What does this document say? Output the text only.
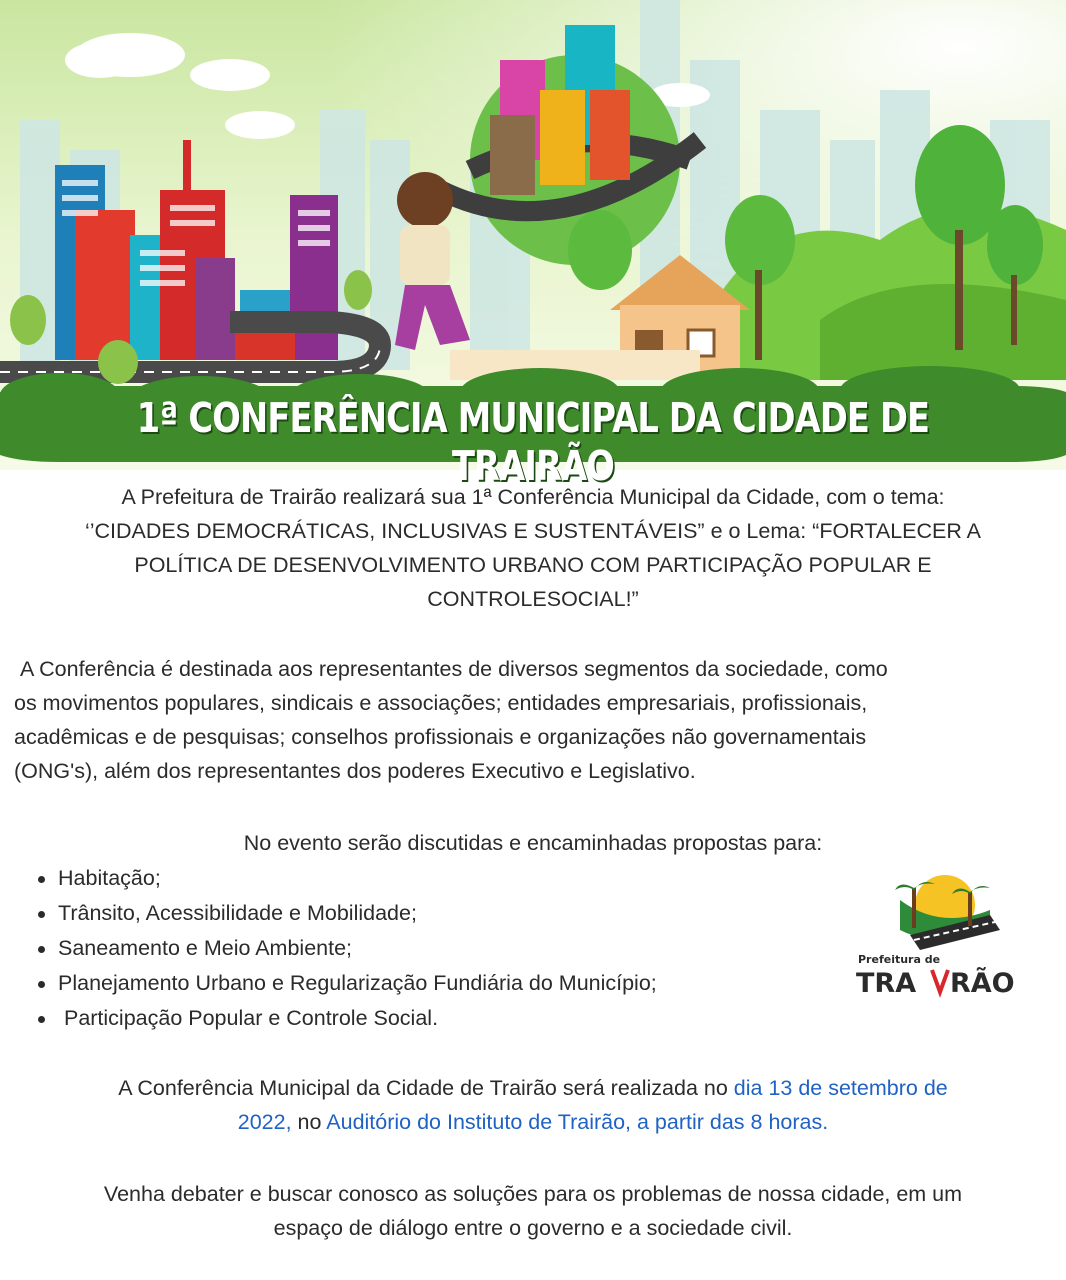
1ª CONFERÊNCIA MUNICIPAL DA CIDADE DE TRAIRÃO

A Prefeitura de Trairão realizará sua 1ª Conferência Municipal da Cidade, com o tema:

‘’CIDADES DEMOCRÁTICAS, INCLUSIVAS E SUSTENTÁVEIS” e o Lema: “FORTALECER A

POLÍTICA DE DESENVOLVIMENTO URBANO COM PARTICIPAÇÃO POPULAR E

CONTROLESOCIAL!”

A Conferência é destinada aos representantes de diversos segmentos da sociedade, como

os movimentos populares, sindicais e associações; entidades empresariais, profissionais,

acadêmicas e de pesquisas; conselhos profissionais e organizações não governamentais

(ONG's), além dos representantes dos poderes Executivo e Legislativo.

No evento serão discutidas e encaminhadas propostas para:
Habitação;
Trânsito, Acessibilidade e Mobilidade;
Saneamento e Meio Ambiente;
Planejamento Urbano e Regularização Fundiária do Município;
Participação Popular e Controle Social.
Prefeitura de
TRA RÃO

A Conferência Municipal da Cidade de Trairão será realizada no dia 13 de setembro de

2022, no Auditório do Instituto de Trairão, a partir das 8 horas.

Venha debater e buscar conosco as soluções para os problemas de nossa cidade, em um

espaço de diálogo entre o governo e a sociedade civil.
